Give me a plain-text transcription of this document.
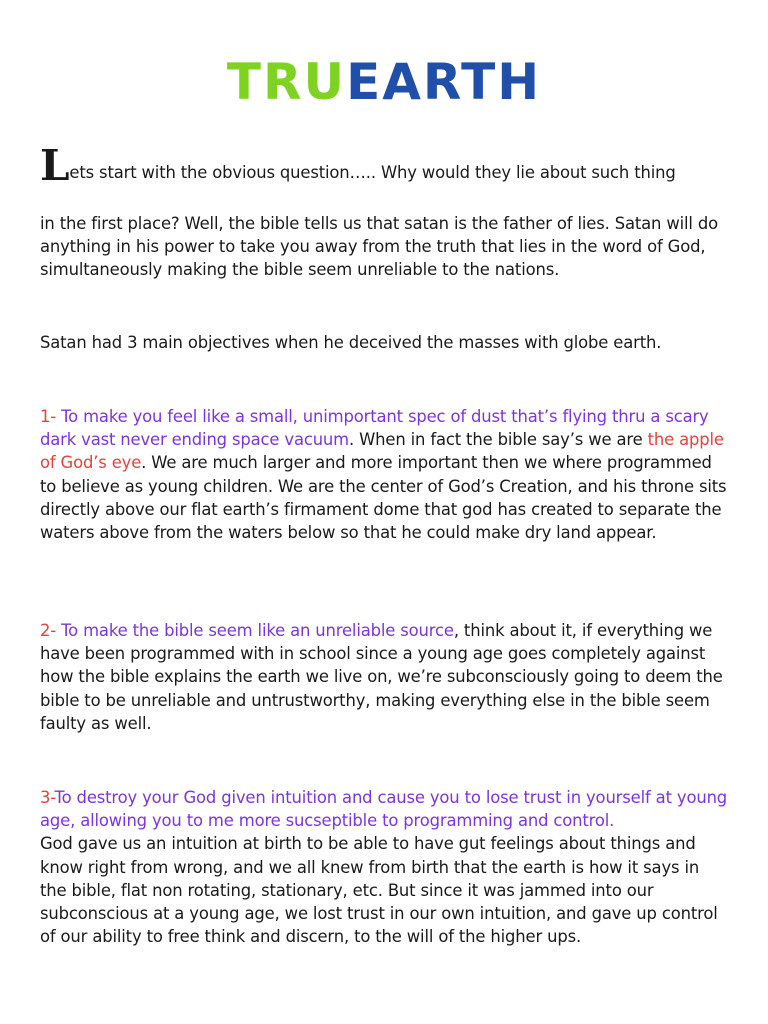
TRUEARTH
Lets start with the obvious question….. Why would they lie about such thing
in the first place? Well, the bible tells us that satan is the father of lies. Satan will do anything in his power to take you away from the truth that lies in the word of God, simultaneously making the bible seem unreliable to the nations.
Satan had 3 main objectives when he deceived the masses with globe earth.
1- To make you feel like a small, unimportant spec of dust that’s flying thru a scary dark vast never ending space vacuum. When in fact the bible say’s we are the apple of God’s eye. We are much larger and more important then we where programmed to believe as young children. We are the center of God’s Creation, and his throne sits directly above our flat earth’s firmament dome that god has created to separate the waters above from the waters below so that he could make dry land appear.
2- To make the bible seem like an unreliable source, think about it, if everything we have been programmed with in school since a young age goes completely against how the bible explains the earth we live on, we’re subconsciously going to deem the bible to be unreliable and untrustworthy, making everything else in the bible seem faulty as well.
3-To destroy your God given intuition and cause you to lose trust in yourself at young age, allowing you to me more sucseptible to programming and control.
God gave us an intuition at birth to be able to have gut feelings about things and know right from wrong, and we all knew from birth that the earth is how it says in the bible, flat non rotating, stationary, etc. But since it was jammed into our subconscious at a young age, we lost trust in our own intuition, and gave up control of our ability to free think and discern, to the will of the higher ups.
